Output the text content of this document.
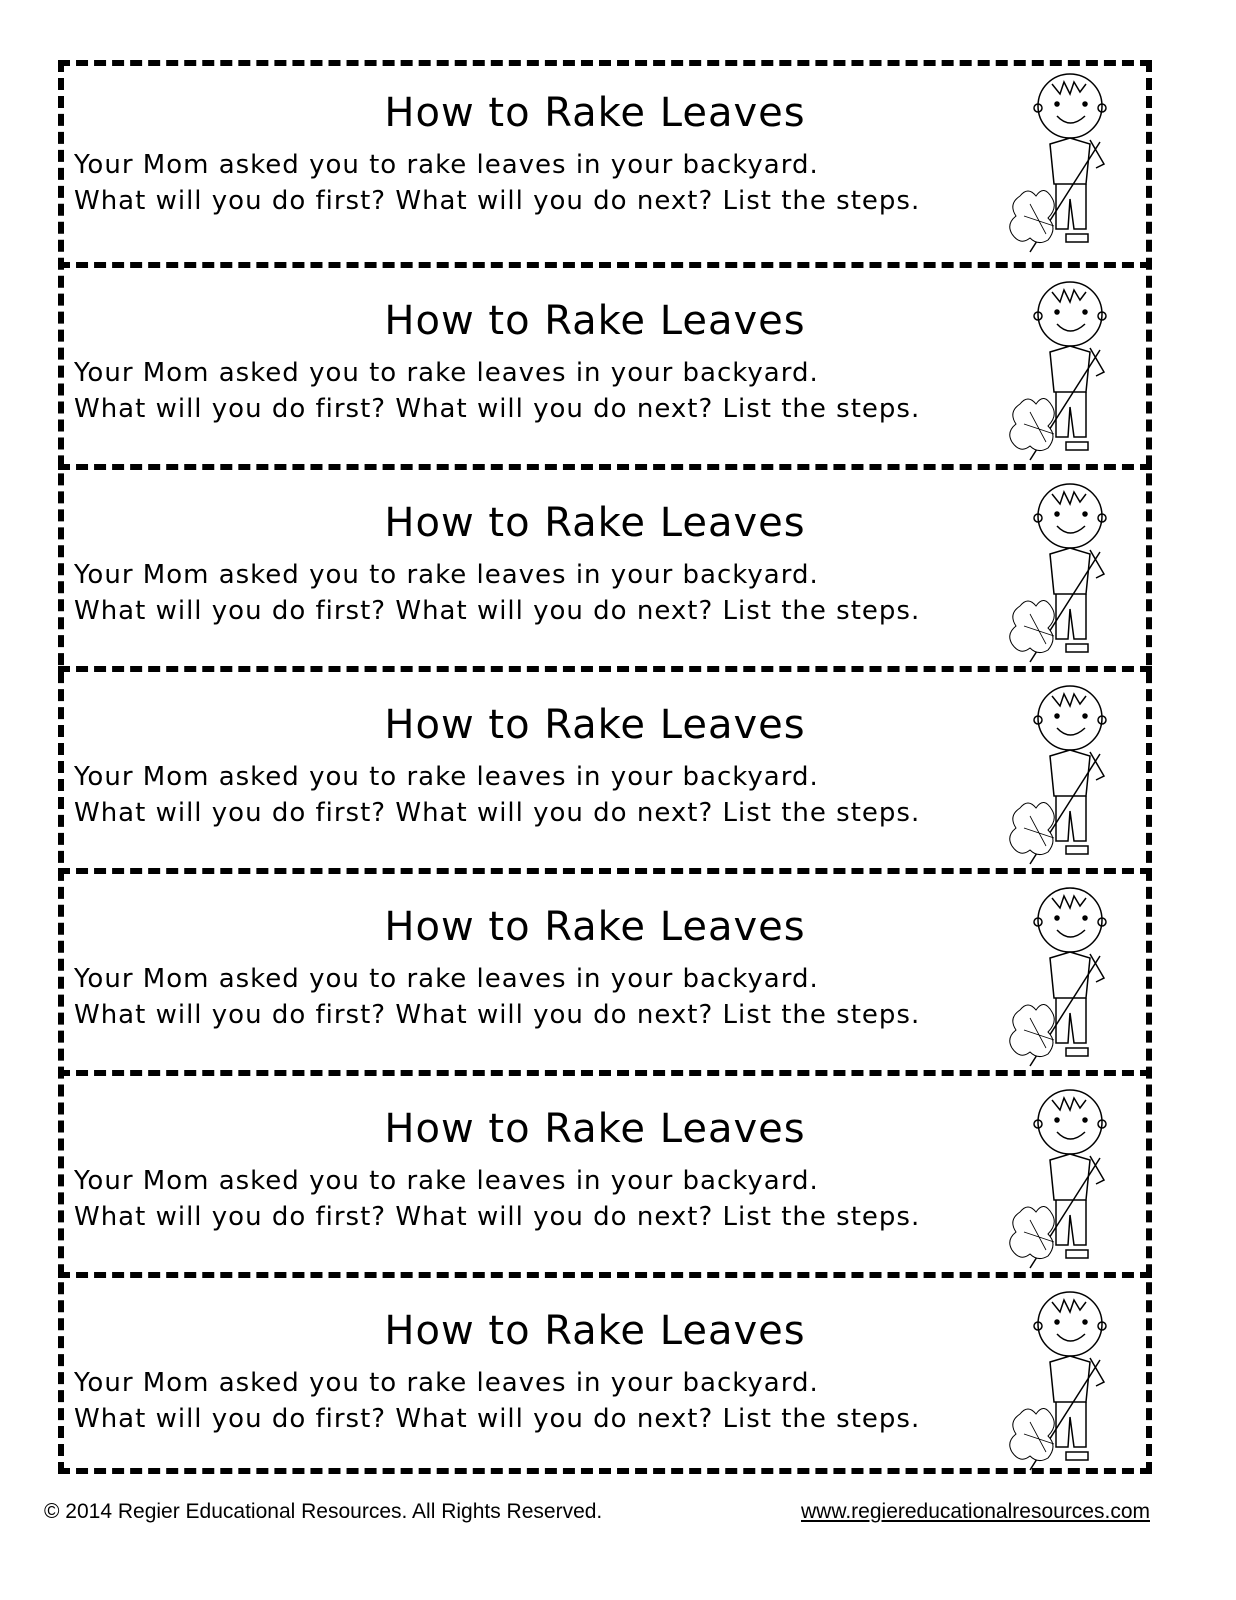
How to Rake Leaves
Your Mom asked you to rake leaves in your backyard.
What will you do first? What will you do next? List the steps.
How to Rake Leaves
Your Mom asked you to rake leaves in your backyard.
What will you do first? What will you do next? List the steps.
How to Rake Leaves
Your Mom asked you to rake leaves in your backyard.
What will you do first? What will you do next? List the steps.
How to Rake Leaves
Your Mom asked you to rake leaves in your backyard.
What will you do first? What will you do next? List the steps.
How to Rake Leaves
Your Mom asked you to rake leaves in your backyard.
What will you do first? What will you do next? List the steps.
How to Rake Leaves
Your Mom asked you to rake leaves in your backyard.
What will you do first? What will you do next? List the steps.
How to Rake Leaves
Your Mom asked you to rake leaves in your backyard.
What will you do first? What will you do next? List the steps.
© 2014 Regier Educational Resources. All Rights Reserved.	www.regiereducationalresources.com
